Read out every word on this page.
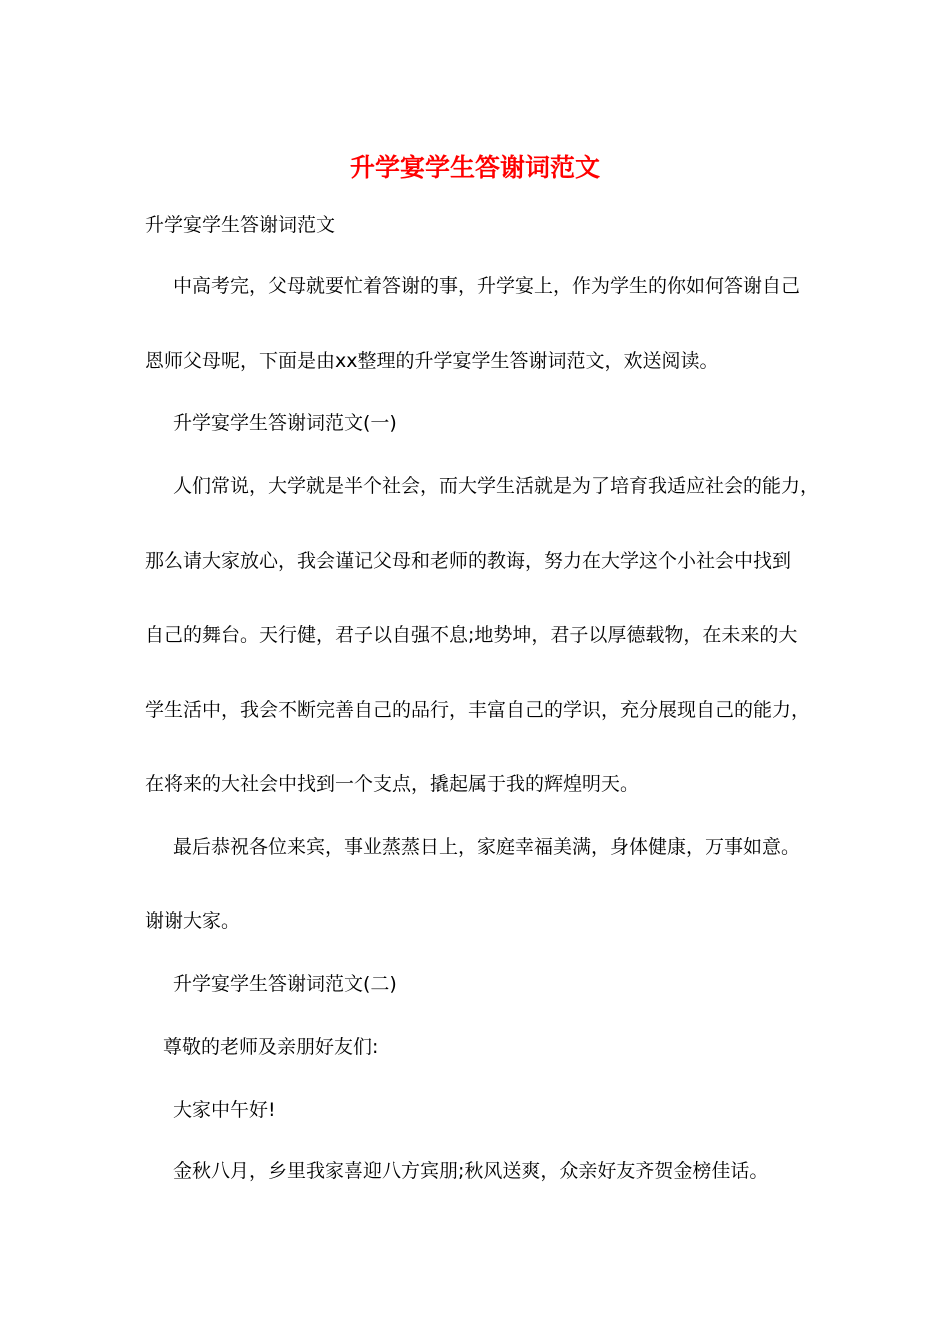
升学宴学生答谢词范文

升学宴学生答谢词范文

中高考完，父母就要忙着答谢的事，升学宴上，作为学生的你如何答谢自己

恩师父母呢，下面是由xx整理的升学宴学生答谢词范文，欢送阅读。

升学宴学生答谢词范文(一)

人们常说，大学就是半个社会，而大学生活就是为了培育我适应社会的能力，

那么请大家放心，我会谨记父母和老师的教诲，努力在大学这个小社会中找到

自己的舞台。天行健，君子以自强不息;地势坤，君子以厚德载物，在未来的大

学生活中，我会不断完善自己的品行，丰富自己的学识，充分展现自己的能力，

在将来的大社会中找到一个支点，撬起属于我的辉煌明天。

最后恭祝各位来宾，事业蒸蒸日上，家庭幸福美满，身体健康，万事如意。

谢谢大家。

升学宴学生答谢词范文(二)

尊敬的老师及亲朋好友们:

大家中午好!

金秋八月，乡里我家喜迎八方宾朋;秋风送爽，众亲好友齐贺金榜佳话。
